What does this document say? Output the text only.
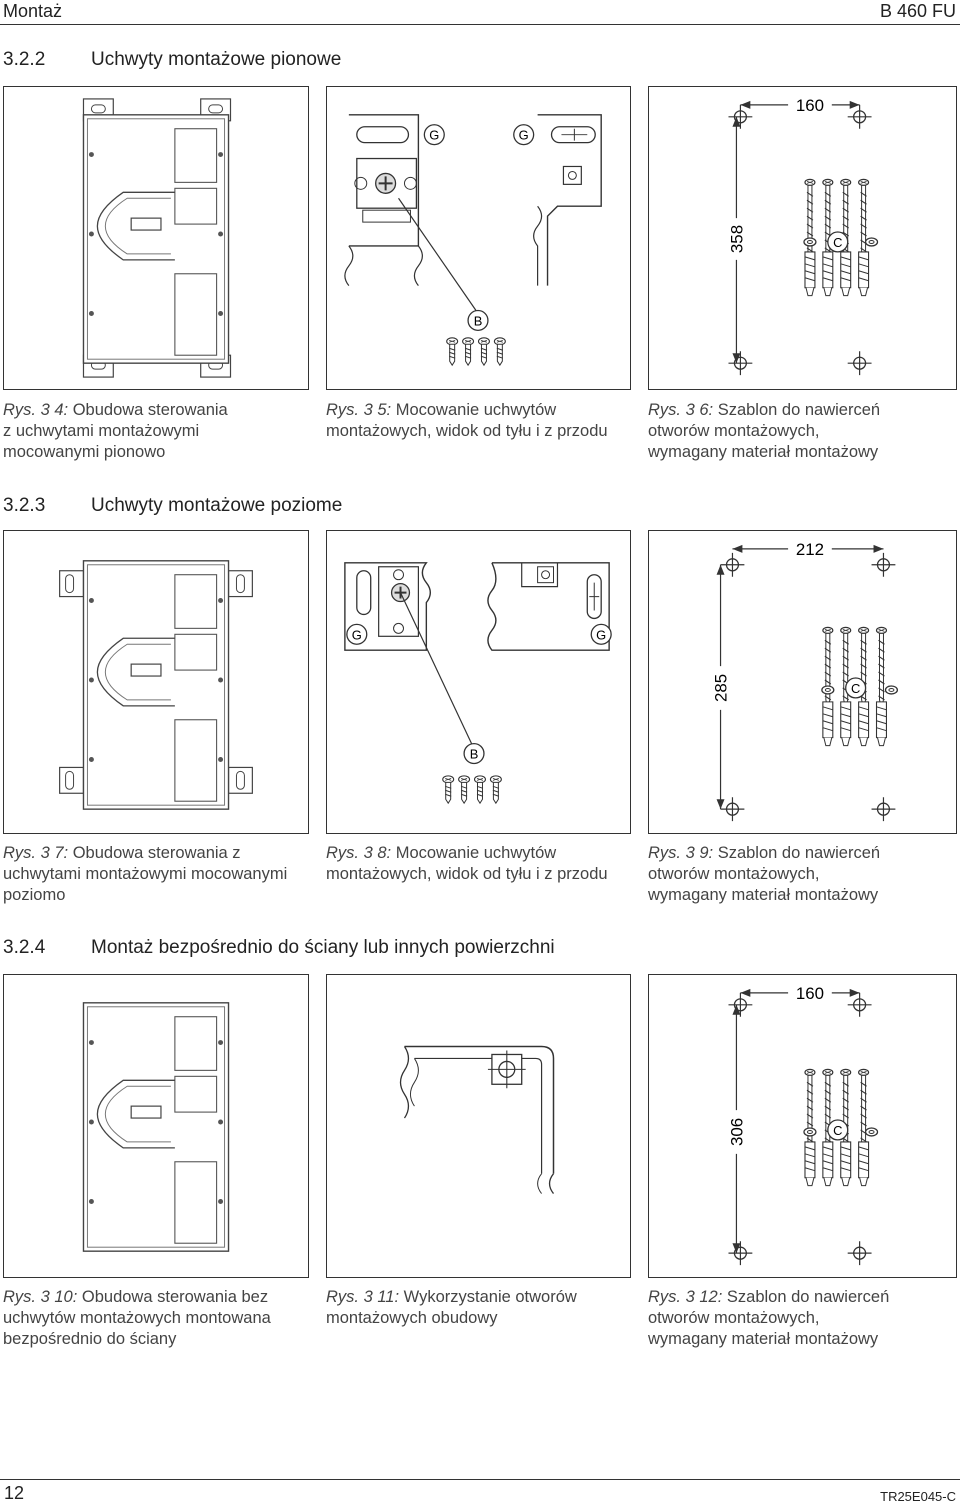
Montaż	B 460 FU
3.2.2 Uchwyty montażowe pionowe
3.2.3 Uchwyty montażowe poziome
3.2.4 Montaż bezpośrednio do ściany lub innych powierzchni
G	G
B
160
358	C
Rys. 3 4: Obudowa sterowania
z uchwytami montażowymi
mocowanymi pionowo
Rys. 3 5: Mocowanie uchwytów
montażowych, widok od tyłu i z przodu
Rys. 3 6: Szablon do nawierceń
otworów montażowych,
wymagany materiał montażowy
G	G
B
212
285	C
Rys. 3 7: Obudowa sterowania z
uchwytami montażowymi mocowanymi
poziomo
Rys. 3 8: Mocowanie uchwytów
montażowych, widok od tyłu i z przodu
Rys. 3 9: Szablon do nawierceń
otworów montażowych,
wymagany materiał montażowy
160
306	C
Rys. 3 10: Obudowa sterowania bez
uchwytów montażowych montowana
bezpośrednio do ściany
Rys. 3 11: Wykorzystanie otworów
montażowych obudowy
Rys. 3 12: Szablon do nawierceń
otworów montażowych,
wymagany materiał montażowy
12	TR25E045-C
